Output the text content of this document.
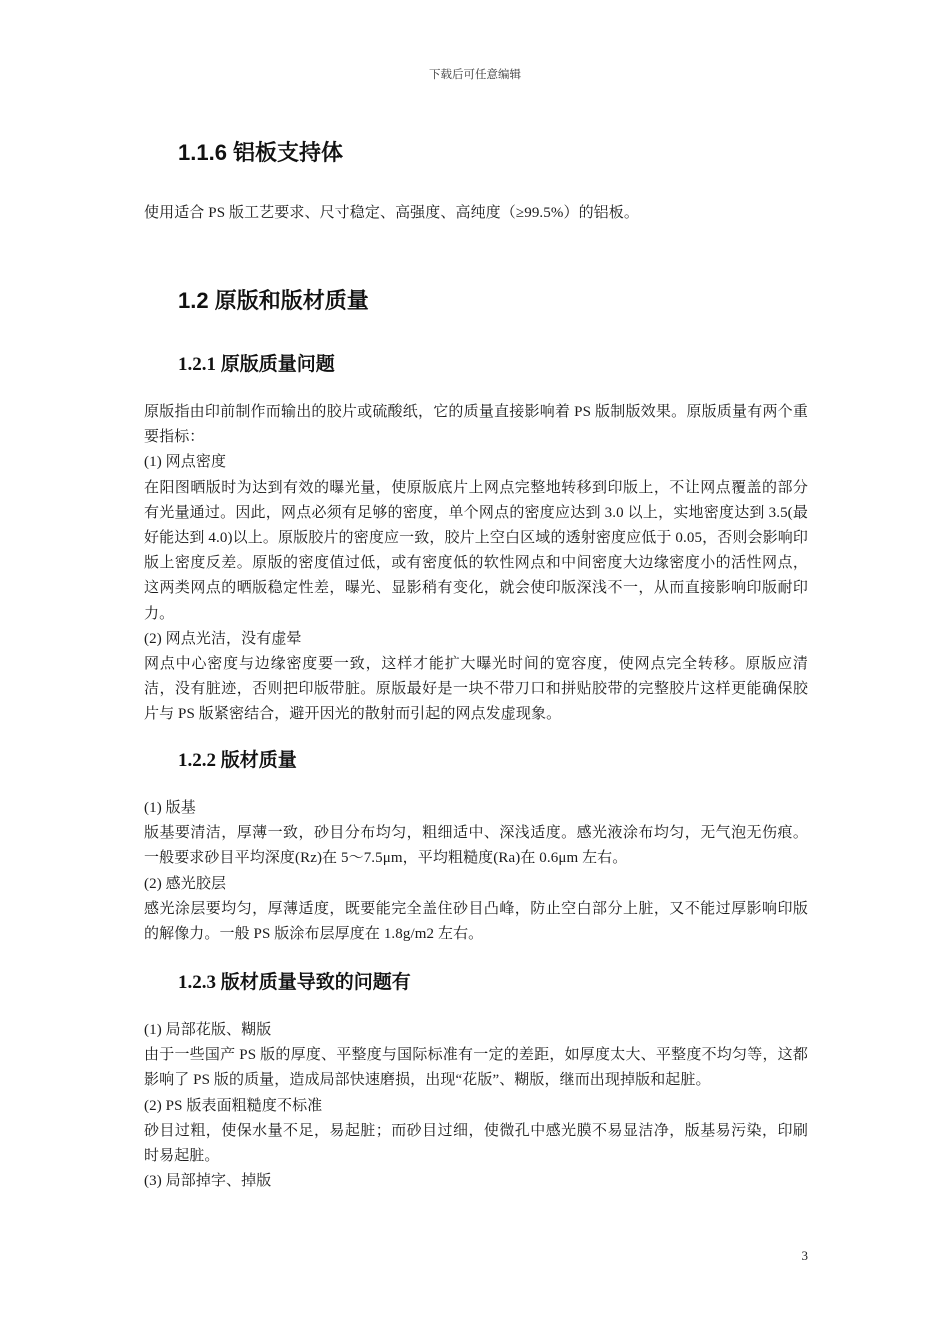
下载后可任意编辑
1.1.6 铝板支持体
使用适合 PS 版工艺要求、尺寸稳定、高强度、高纯度（≥99.5%）的铝板。
1.2 原版和版材质量
1.2.1 原版质量问题
原版指由印前制作而输出的胶片或硫酸纸，它的质量直接影响着 PS 版制版效果。原版质量有两个重要指标：
(1) 网点密度
在阳图晒版时为达到有效的曝光量，使原版底片上网点完整地转移到印版上，不让网点覆盖的部分有光量通过。因此，网点必须有足够的密度，单个网点的密度应达到 3.0 以上，实地密度达到 3.5(最好能达到 4.0)以上。原版胶片的密度应一致，胶片上空白区域的透射密度应低于 0.05，否则会影响印版上密度反差。原版的密度值过低，或有密度低的软性网点和中间密度大边缘密度小的活性网点，这两类网点的晒版稳定性差，曝光、显影稍有变化，就会使印版深浅不一，从而直接影响印版耐印力。
(2) 网点光洁，没有虚晕
网点中心密度与边缘密度要一致，这样才能扩大曝光时间的宽容度，使网点完全转移。原版应清洁，没有脏迹，否则把印版带脏。原版最好是一块不带刀口和拼贴胶带的完整胶片这样更能确保胶片与 PS 版紧密结合，避开因光的散射而引起的网点发虚现象。
1.2.2 版材质量
(1) 版基
版基要清洁，厚薄一致，砂目分布均匀，粗细适中、深浅适度。感光液涂布均匀，无气泡无伤痕。一般要求砂目平均深度(Rz)在 5～7.5μm，平均粗糙度(Ra)在 0.6μm 左右。
(2) 感光胶层
感光涂层要均匀，厚薄适度，既要能完全盖住砂目凸峰，防止空白部分上脏，又不能过厚影响印版的解像力。一般 PS 版涂布层厚度在 1.8g/m2 左右。
1.2.3 版材质量导致的问题有
(1) 局部花版、糊版
由于一些国产 PS 版的厚度、平整度与国际标准有一定的差距，如厚度太大、平整度不均匀等，这都影响了 PS 版的质量，造成局部快速磨损，出现“花版”、糊版，继而出现掉版和起脏。
(2) PS 版表面粗糙度不标准
砂目过粗，使保水量不足，易起脏；而砂目过细，使微孔中感光膜不易显洁净，版基易污染，印刷时易起脏。
(3) 局部掉字、掉版
3
